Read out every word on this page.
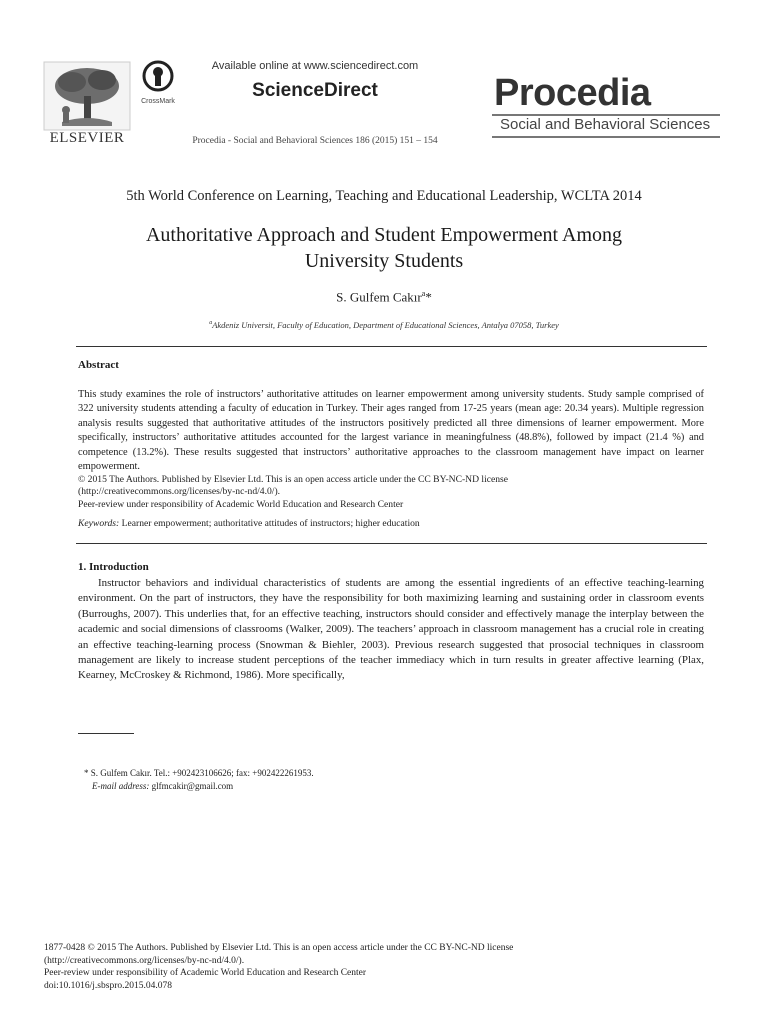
ELSEVIER
CrossMark
Available online at www.sciencedirect.com
ScienceDirect
Procedia - Social and Behavioral Sciences 186 (2015) 151 – 154
Procedia
Social and Behavioral Sciences
5th World Conference on Learning, Teaching and Educational Leadership, WCLTA 2014
Authoritative Approach and Student Empowerment Among
University Students
S. Gulfem Cakır$^a$*
$^a$Akdeniz Universit, Faculty of Education, Department of Educational Sciences, Antalya 07058, Turkey
Abstract
This study examines the role of instructors’ authoritative attitudes on learner empowerment among university students. Study sample comprised of 322 university students attending a faculty of education in Turkey. Their ages ranged from 17-25 years (mean age: 20.34 years). Multiple regression analysis results suggested that authoritative attitudes of the instructors positively predicted all three dimensions of learner empowerment. More specifically, instructors’ authoritative attitudes accounted for the largest variance in meaningfulness (48.8%), followed by impact (21.4 %) and competence (13.2%). These results suggested that instructors’ authoritative approaches to the classroom management have impact on learner empowerment.
© 2015 The Authors. Published by Elsevier Ltd. This is an open access article under the CC BY-NC-ND license
(http://creativecommons.org/licenses/by-nc-nd/4.0/).
Peer-review under responsibility of Academic World Education and Research Center
Keywords: Learner empowerment; authoritative attitudes of instructors; higher education
1. Introduction
Instructor behaviors and individual characteristics of students are among the essential ingredients of an effective teaching-learning environment. On the part of instructors, they have the responsibility for both maximizing learning and sustaining order in classroom events (Burroughs, 2007). This underlies that, for an effective teaching, instructors should consider and effectively manage the interplay between the academic and social dimensions of classrooms (Walker, 2009). The teachers’ approach in classroom management has a crucial role in creating an effective teaching-learning process (Snowman & Biehler, 2003). Previous research suggested that prosocial techniques in classroom management are likely to increase student perceptions of the teacher immediacy which in turn results in greater affective learning (Plax, Kearney, McCroskey & Richmond, 1986). More specifically,
* S. Gulfem Cakır. Tel.: +902423106626; fax: +902422261953.
E-mail address: glfmcakir@gmail.com
1877-0428 © 2015 The Authors. Published by Elsevier Ltd. This is an open access article under the CC BY-NC-ND license
(http://creativecommons.org/licenses/by-nc-nd/4.0/).
Peer-review under responsibility of Academic World Education and Research Center
doi:10.1016/j.sbspro.2015.04.078
